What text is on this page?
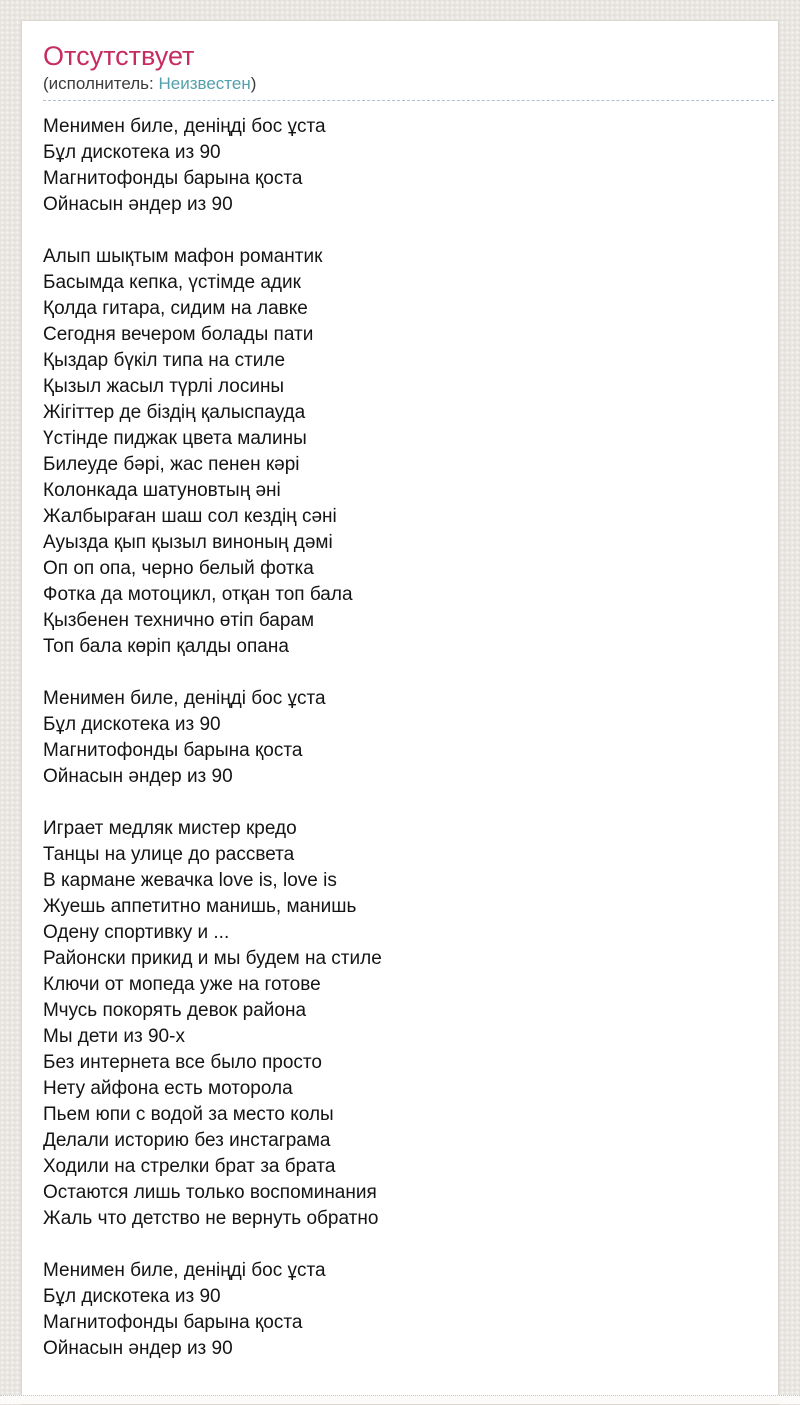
Отсутствует

(исполнитель: Неизвестен)

Менимен биле, деніңді бос ұста
Бұл дискотека из 90
Магнитофонды барына қоста
Ойнасын әндер из 90
Алып шықтым мафон романтик
Басымда кепка, үстімде адик
Қолда гитара, сидим на лавке
Сегодня вечером болады пати
Қыздар бүкіл типа на стиле
Қызыл жасыл түрлі лосины
Жігіттер де біздің қалыспауда
Үстінде пиджак цвета малины
Билеуде бәрі, жас пенен кәрі
Колонкада шатуновтың әні
Жалбыраған шаш сол кездің сәні
Ауызда қып қызыл виноның дәмі
Оп оп опа, черно белый фотка
Фотка да мотоцикл, отқан топ бала
Қызбенен технично өтіп барам
Топ бала көріп қалды опана
Менимен биле, деніңді бос ұста
Бұл дискотека из 90
Магнитофонды барына қоста
Ойнасын әндер из 90
Играет медляк мистер кредо
Танцы на улице до рассвета
В кармане жевачка love is, love is
Жуешь аппетитно манишь, манишь
Одену спортивку и ...
Районски прикид и мы будем на стиле
Ключи от мопеда уже на готове
Мчусь покорять девок района
Мы дети из 90-х
Без интернета все было просто
Нету айфона есть моторола
Пьем юпи с водой за место колы
Делали историю без инстаграма
Ходили на стрелки брат за брата
Остаются лишь только воспоминания
Жаль что детство не вернуть обратно
Менимен биле, деніңді бос ұста
Бұл дискотека из 90
Магнитофонды барына қоста
Ойнасын әндер из 90
